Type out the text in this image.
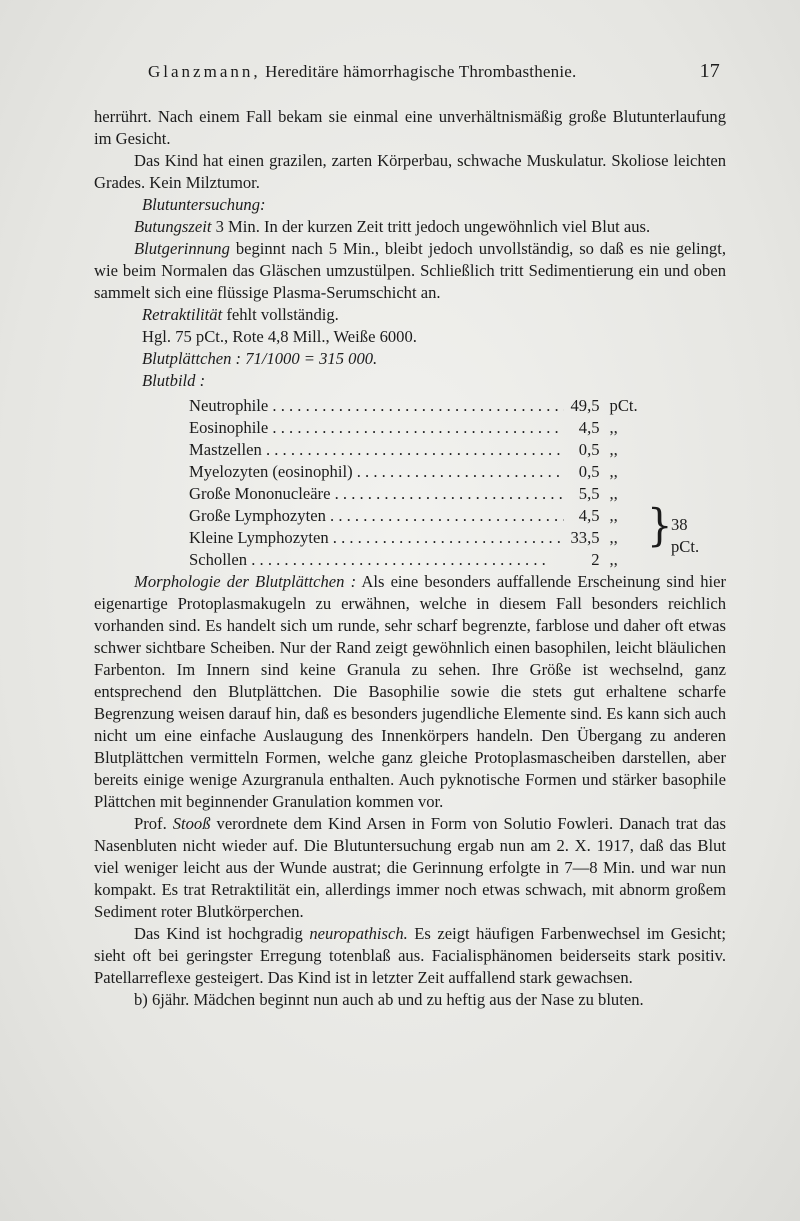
Glanzmann, Hereditäre hämorrhagische Thrombasthenie.	17

herrührt. Nach einem Fall bekam sie einmal eine unverhältnismäßig große Blutunterlaufung im Gesicht.

Das Kind hat einen grazilen, zarten Körperbau, schwache Muskulatur. Skoliose leichten Grades. Kein Milztumor.

Blutuntersuchung:

Butungszeit 3 Min. In der kurzen Zeit tritt jedoch ungewöhnlich viel Blut aus.

Blutgerinnung beginnt nach 5 Min., bleibt jedoch unvollständig, so daß es nie gelingt, wie beim Normalen das Gläschen umzustülpen. Schließlich tritt Sedimentierung ein und oben sammelt sich eine flüssige Plasma-Serumschicht an.

Retraktilität fehlt vollständig.

Hgl. 75 pCt., Rote 4,8 Mill., Weiße 6000.

Blutplättchen : 71/1000 = 315 000.

Blutbild :

Neutrophile . . .	49,5 pCt.
Eosinophile . . .	4,5 ,,
Mastzellen . . .	0,5 ,,
Myelozyten (eosinophil) . . .	0,5 ,,
Große Mononucleäre . . .	5,5 ,,
Große Lymphozyten . . .	4,5 ,,
Kleine Lymphozyten . . .	33,5 ,,
Schollen . . .	2 ,,
}
38 pCt.

Morphologie der Blutplättchen : Als eine besonders auffallende Erscheinung sind hier eigenartige Protoplasmakugeln zu erwähnen, welche in diesem Fall besonders reichlich vorhanden sind. Es handelt sich um runde, sehr scharf begrenzte, farblose und daher oft etwas schwer sichtbare Scheiben. Nur der Rand zeigt gewöhnlich einen basophilen, leicht bläulichen Farbenton. Im Innern sind keine Granula zu sehen. Ihre Größe ist wechselnd, ganz entsprechend den Blutplättchen. Die Basophilie sowie die stets gut erhaltene scharfe Begrenzung weisen darauf hin, daß es besonders jugendliche Elemente sind. Es kann sich auch nicht um eine einfache Auslaugung des Innenkörpers handeln. Den Übergang zu anderen Blutplättchen vermitteln Formen, welche ganz gleiche Protoplasmascheiben darstellen, aber bereits einige wenige Azurgranula enthalten. Auch pyknotische Formen und stärker basophile Plättchen mit beginnender Granulation kommen vor.

Prof. Stooß verordnete dem Kind Arsen in Form von Solutio Fowleri. Danach trat das Nasenbluten nicht wieder auf. Die Blutuntersuchung ergab nun am 2. X. 1917, daß das Blut viel weniger leicht aus der Wunde austrat; die Gerinnung erfolgte in 7—8 Min. und war nun kompakt. Es trat Retraktilität ein, allerdings immer noch etwas schwach, mit abnorm großem Sediment roter Blutkörperchen.

Das Kind ist hochgradig neuropathisch. Es zeigt häufigen Farbenwechsel im Gesicht; sieht oft bei geringster Erregung totenblaß aus. Facialisphänomen beiderseits stark positiv. Patellarreflexe gesteigert. Das Kind ist in letzter Zeit auffallend stark gewachsen.

b) 6jähr. Mädchen beginnt nun auch ab und zu heftig aus der Nase zu bluten.
